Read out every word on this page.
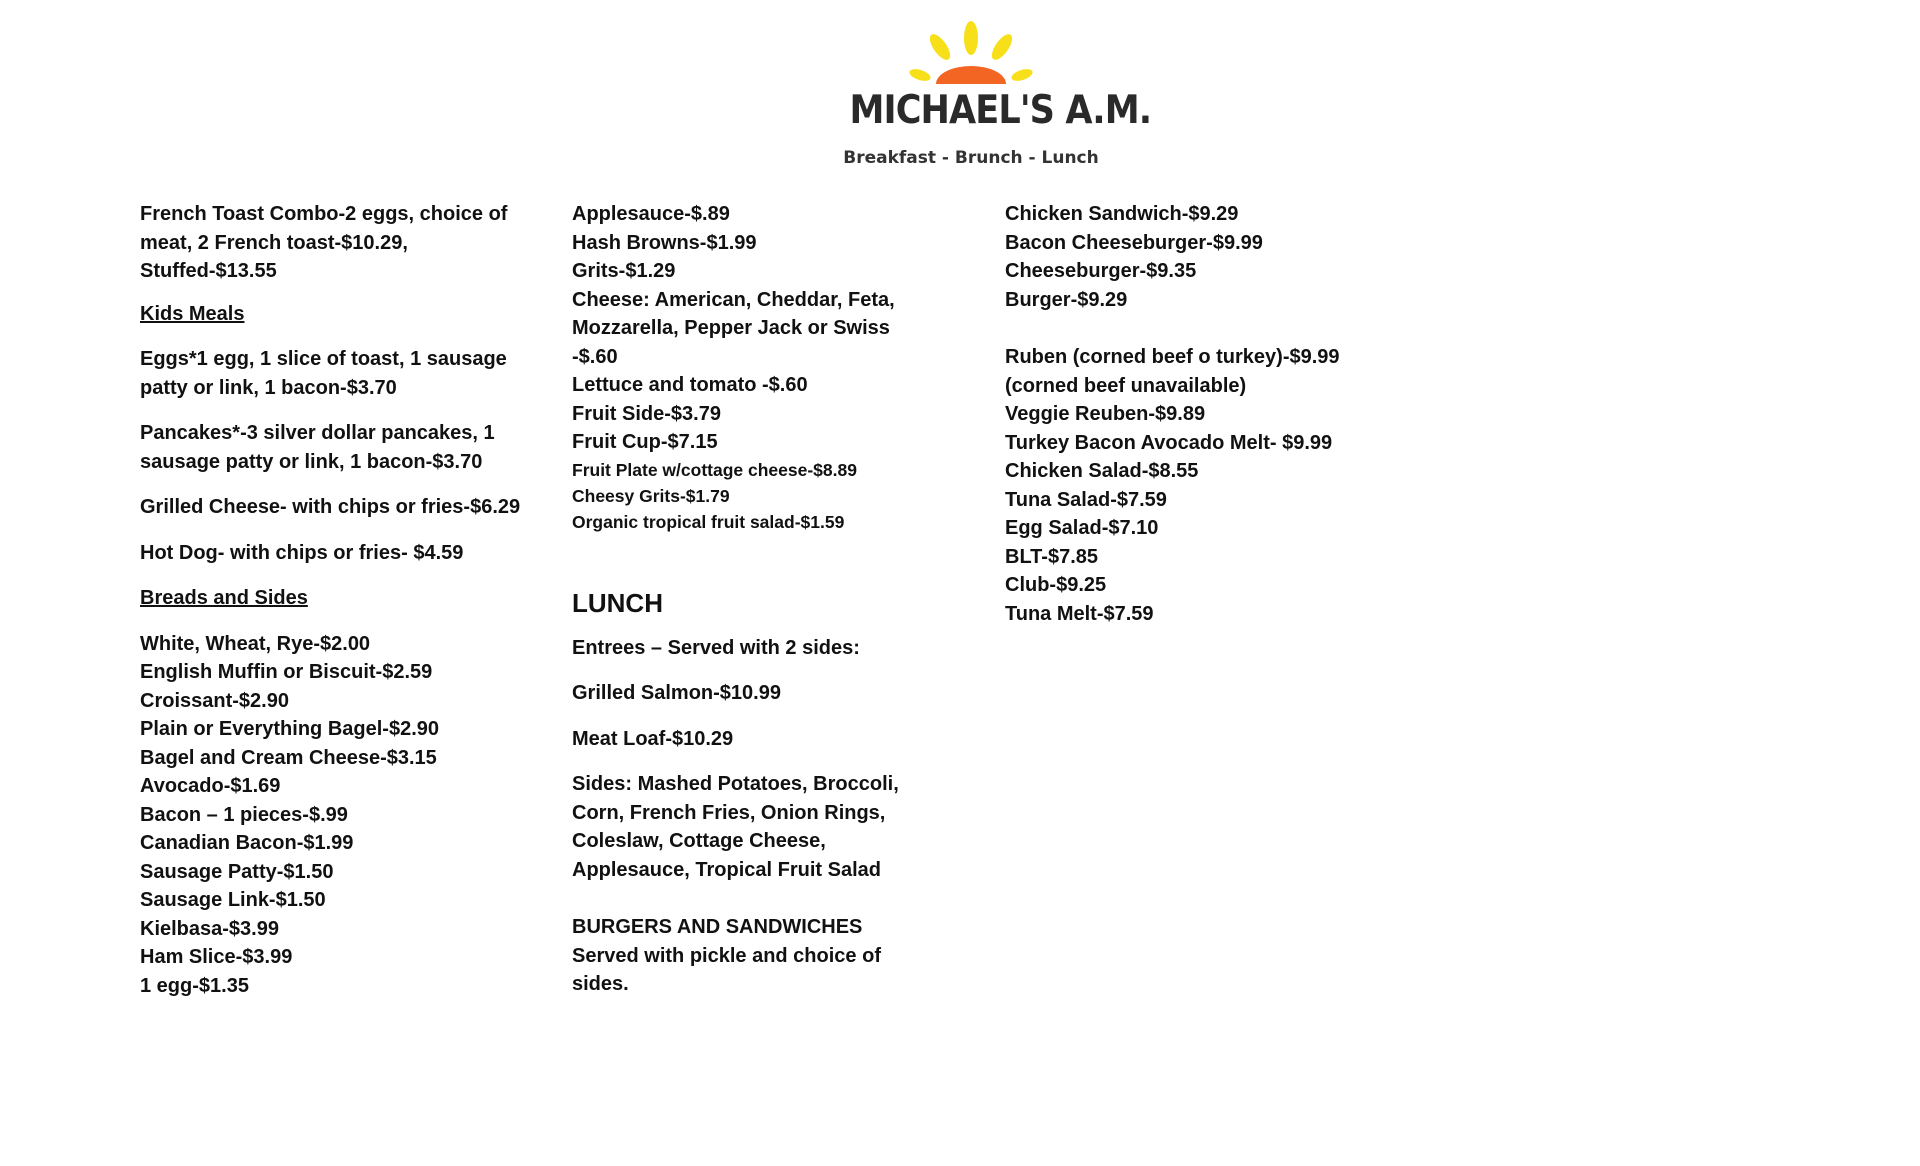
MICHAEL'S A.M.
Breakfast - Brunch - Lunch

French Toast Combo-2 eggs, choice of meat, 2 French toast-$10.29, Stuffed-$13.55

Kids Meals

Eggs*1 egg, 1 slice of toast, 1 sausage patty or link, 1 bacon-$3.70

Pancakes*-3 silver dollar pancakes, 1 sausage patty or link, 1 bacon-$3.70

Grilled Cheese- with chips or fries-$6.29

Hot Dog- with chips or fries- $4.59

Breads and Sides

White, Wheat, Rye-$2.00

English Muffin or Biscuit-$2.59

Croissant-$2.90

Plain or Everything Bagel-$2.90

Bagel and Cream Cheese-$3.15

Avocado-$1.69

Bacon – 1 pieces-$.99

Canadian Bacon-$1.99

Sausage Patty-$1.50

Sausage Link-$1.50

Kielbasa-$3.99

Ham Slice-$3.99

1 egg-$1.35

Applesauce-$.89

Hash Browns-$1.99

Grits-$1.29

Cheese: American, Cheddar, Feta, Mozzarella, Pepper Jack or Swiss -$.60

Lettuce and tomato -$.60

Fruit Side-$3.79

Fruit Cup-$7.15

Fruit Plate w/cottage cheese-$8.89

Cheesy Grits-$1.79

Organic tropical fruit salad-$1.59

LUNCH

Entrees – Served with 2 sides:

Grilled Salmon-$10.99

Meat Loaf-$10.29

Sides: Mashed Potatoes, Broccoli, Corn, French Fries, Onion Rings, Coleslaw, Cottage Cheese, Applesauce, Tropical Fruit Salad

BURGERS AND SANDWICHES

Served with pickle and choice of sides.

Chicken Sandwich-$9.29

Bacon Cheeseburger-$9.99

Cheeseburger-$9.35

Burger-$9.29

Ruben (corned beef o turkey)-$9.99

(corned beef unavailable)

Veggie Reuben-$9.89

Turkey Bacon Avocado Melt- $9.99

Chicken Salad-$8.55

Tuna Salad-$7.59

Egg Salad-$7.10

BLT-$7.85

Club-$9.25

Tuna Melt-$7.59
